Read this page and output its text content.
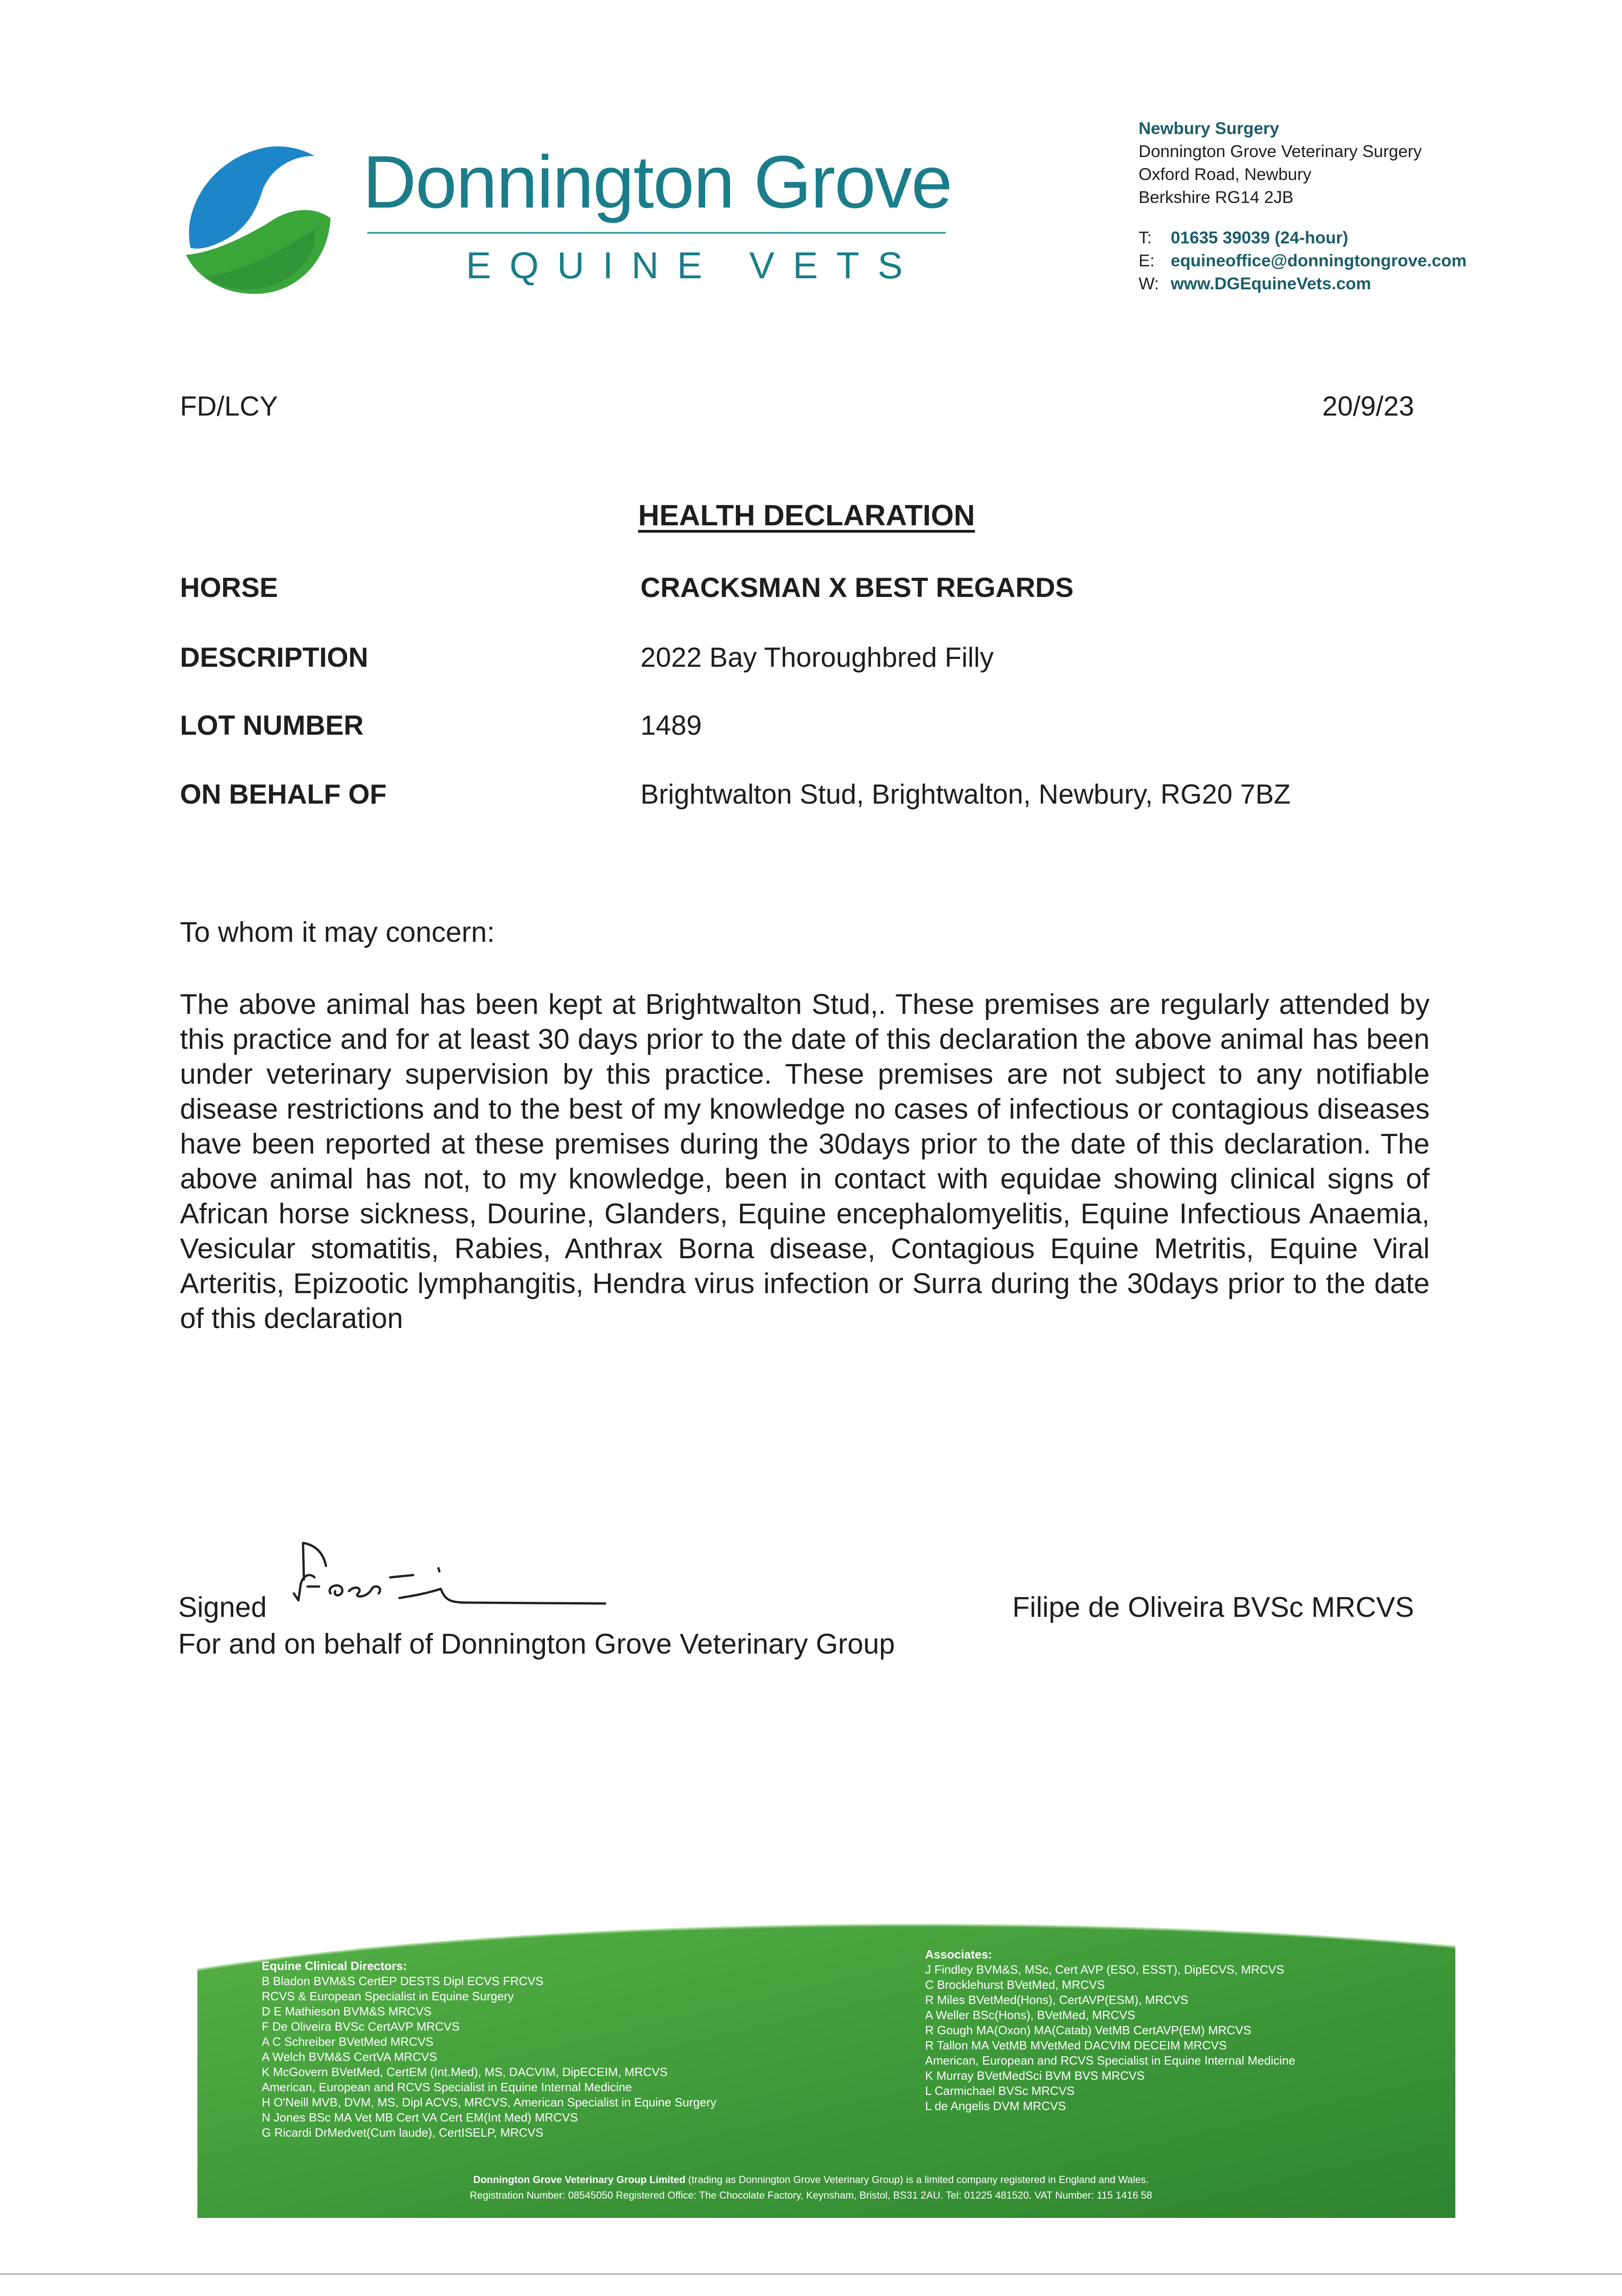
Donnington Grove
EQUINE VETS
Newbury Surgery
Donnington Grove Veterinary Surgery
Oxford Road, Newbury
Berkshire RG14 2JB
T: 01635 39039 (24-hour)
E: equineoffice@donningtongrove.com
W: www.DGEquineVets.com
FD/LCY	20/9/23
HEALTH DECLARATION
HORSE	CRACKSMAN X BEST REGARDS
DESCRIPTION	2022 Bay Thoroughbred Filly
LOT NUMBER	1489
ON BEHALF OF	Brightwalton Stud, Brightwalton, Newbury, RG20 7BZ
To whom it may concern:
The above animal has been kept at Brightwalton Stud,. These premises are regularly attended by this practice and for at least 30 days prior to the date of this declaration the above animal has been under veterinary supervision by this practice. These premises are not subject to any notifiable disease restrictions and to the best of my knowledge no cases of infectious or contagious diseases have been reported at these premises during the 30days prior to the date of this declaration. The above animal has not, to my knowledge, been in contact with equidae showing clinical signs of African horse sickness, Dourine, Glanders, Equine encephalomyelitis, Equine Infectious Anaemia, Vesicular stomatitis, Rabies, Anthrax Borna disease, Contagious Equine Metritis, Equine Viral Arteritis, Epizootic lymphangitis, Hendra virus infection or Surra during the 30days prior to the date of this declaration
Signed
For and on behalf of Donnington Grove Veterinary Group
Filipe de Oliveira BVSc MRCVS
Equine Clinical Directors:
B Bladon BVM&S CertEP DESTS Dipl ECVS FRCVS
RCVS & European Specialist in Equine Surgery
D E Mathieson BVM&S MRCVS
F De Oliveira BVSc CertAVP MRCVS
A C Schreiber BVetMed MRCVS
A Welch BVM&S CertVA MRCVS
K McGovern BVetMed, CertEM (Int.Med), MS, DACVIM, DipECEIM, MRCVS
American, European and RCVS Specialist in Equine Internal Medicine
H O'Neill MVB, DVM, MS, Dipl ACVS, MRCVS, American Specialist in Equine Surgery
N Jones BSc MA Vet MB Cert VA Cert EM(Int Med) MRCVS
G Ricardi DrMedvet(Cum laude), CertISELP, MRCVS
Associates:
J Findley BVM&S, MSc, Cert AVP (ESO, ESST), DipECVS, MRCVS
C Brocklehurst BVetMed, MRCVS
R Miles BVetMed(Hons), CertAVP(ESM), MRCVS
A Weller BSc(Hons), BVetMed, MRCVS
R Gough MA(Oxon) MA(Catab) VetMB CertAVP(EM) MRCVS
R Tallon MA VetMB MVetMed DACVIM DECEIM MRCVS
American, European and RCVS Specialist in Equine Internal Medicine
K Murray BVetMedSci BVM BVS MRCVS
L Carmichael BVSc MRCVS
L de Angelis DVM MRCVS
Donnington Grove Veterinary Group Limited (trading as Donnington Grove Veterinary Group) is a limited company registered in England and Wales.
Registration Number: 08545050 Registered Office: The Chocolate Factory, Keynsham, Bristol, BS31 2AU. Tel: 01225 481520. VAT Number: 115 1416 58
